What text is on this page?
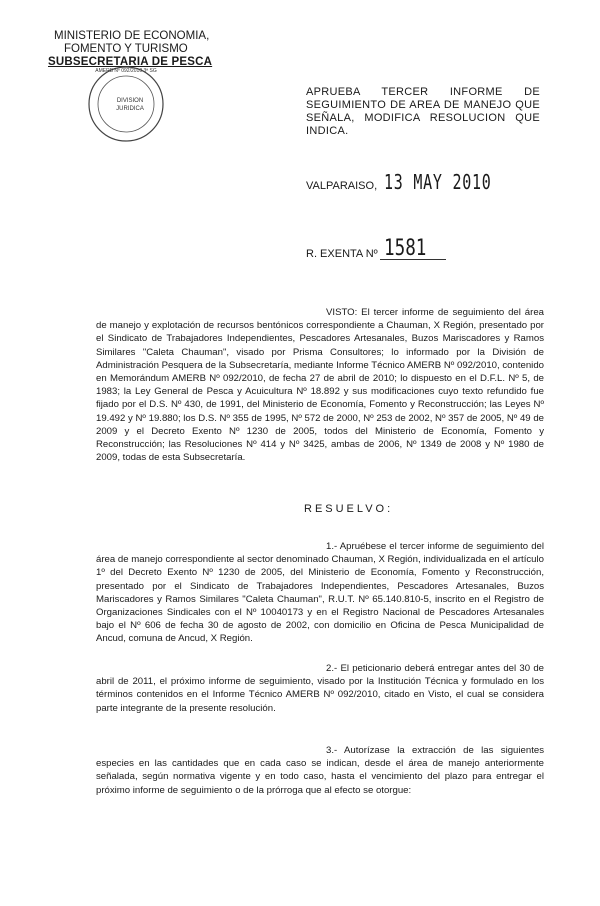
MINISTERIO DE ECONOMIA,
FOMENTO Y TURISMO
SUBSECRETARIA DE PESCA
AMERB Nº 092/2010 3ª SG
DIVISION
JURIDICA
APRUEBA TERCER INFORME DE
SEGUIMIENTO DE AREA DE MANEJO QUE
SEÑALA, MODIFICA RESOLUCION QUE
INDICA.
VALPARAISO, 13 MAY 2010
R. EXENTA Nº 1581
VISTO: El tercer informe de seguimiento del área de manejo y explotación de recursos bentónicos correspondiente a Chauman, X Región, presentado por el Sindicato de Trabajadores Independientes, Pescadores Artesanales, Buzos Mariscadores y Ramos Similares "Caleta Chauman", visado por Prisma Consultores; lo informado por la División de Administración Pesquera de la Subsecretaría, mediante Informe Técnico AMERB Nº 092/2010, contenido en Memorándum AMERB Nº 092/2010, de fecha 27 de abril de 2010; lo dispuesto en el D.F.L. Nº 5, de 1983; la Ley General de Pesca y Acuicultura Nº 18.892 y sus modificaciones cuyo texto refundido fue fijado por el D.S. Nº 430, de 1991, del Ministerio de Economía, Fomento y Reconstrucción; las Leyes Nº 19.492 y Nº 19.880; los D.S. Nº 355 de 1995, Nº 572 de 2000, Nº 253 de 2002, Nº 357 de 2005, Nº 49 de 2009 y el Decreto Exento Nº 1230 de 2005, todos del Ministerio de Economía, Fomento y Reconstrucción; las Resoluciones Nº 414 y Nº 3425, ambas de 2006, Nº 1349 de 2008 y Nº 1980 de 2009, todas de esta Subsecretaría.
RESUELVO:
1.- Apruébese el tercer informe de seguimiento del área de manejo correspondiente al sector denominado Chauman, X Región, individualizada en el artículo 1º del Decreto Exento Nº 1230 de 2005, del Ministerio de Economía, Fomento y Reconstrucción, presentado por el Sindicato de Trabajadores Independientes, Pescadores Artesanales, Buzos Mariscadores y Ramos Similares "Caleta Chauman", R.U.T. Nº 65.140.810-5, inscrito en el Registro de Organizaciones Sindicales con el Nº 10040173 y en el Registro Nacional de Pescadores Artesanales bajo el Nº 606 de fecha 30 de agosto de 2002, con domicilio en Oficina de Pesca Municipalidad de Ancud, comuna de Ancud, X Región.
2.- El peticionario deberá entregar antes del 30 de abril de 2011, el próximo informe de seguimiento, visado por la Institución Técnica y formulado en los términos contenidos en el Informe Técnico AMERB Nº 092/2010, citado en Visto, el cual se considera parte integrante de la presente resolución.
3.- Autorízase la extracción de las siguientes especies en las cantidades que en cada caso se indican, desde el área de manejo anteriormente señalada, según normativa vigente y en todo caso, hasta el vencimiento del plazo para entregar el próximo informe de seguimiento o de la prórroga que al efecto se otorgue:
